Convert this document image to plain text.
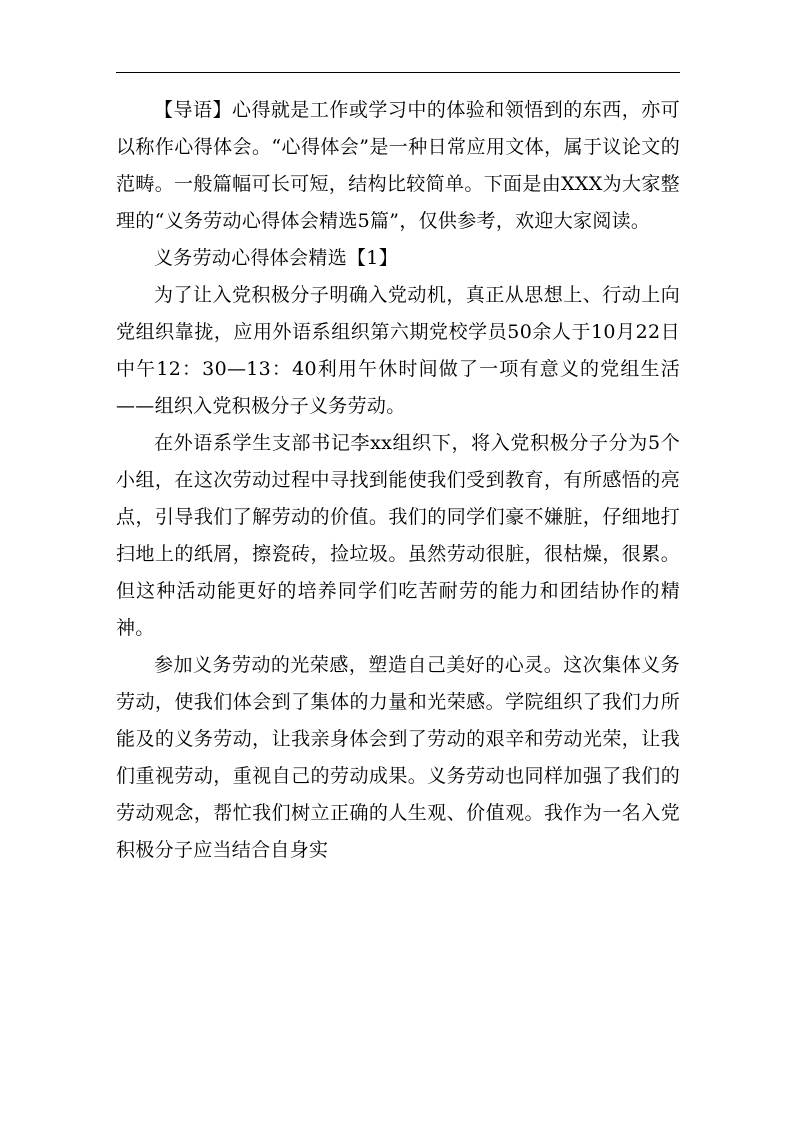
【导语】心得就是工作或学习中的体验和领悟到的东西，亦可以称作心得体会。“心得体会”是一种日常应用文体，属于议论文的范畴。一般篇幅可长可短，结构比较简单。下面是由XXX为大家整理的“义务劳动心得体会精选5篇”，仅供参考，欢迎大家阅读。

义务劳动心得体会精选【1】

为了让入党积极分子明确入党动机，真正从思想上、行动上向党组织靠拢，应用外语系组织第六期党校学员50余人于10月22日中午12：30—13：40利用午休时间做了一项有意义的党组生活——组织入党积极分子义务劳动。

在外语系学生支部书记李xx组织下，将入党积极分子分为5个小组，在这次劳动过程中寻找到能使我们受到教育，有所感悟的亮点，引导我们了解劳动的价值。我们的同学们豪不嫌脏，仔细地打扫地上的纸屑，擦瓷砖，捡垃圾。虽然劳动很脏，很枯燥，很累。但这种活动能更好的培养同学们吃苦耐劳的能力和团结协作的精神。

参加义务劳动的光荣感，塑造自己美好的心灵。这次集体义务劳动，使我们体会到了集体的力量和光荣感。学院组织了我们力所能及的义务劳动，让我亲身体会到了劳动的艰辛和劳动光荣，让我们重视劳动，重视自己的劳动成果。义务劳动也同样加强了我们的劳动观念，帮忙我们树立正确的人生观、价值观。我作为一名入党积极分子应当结合自身实
